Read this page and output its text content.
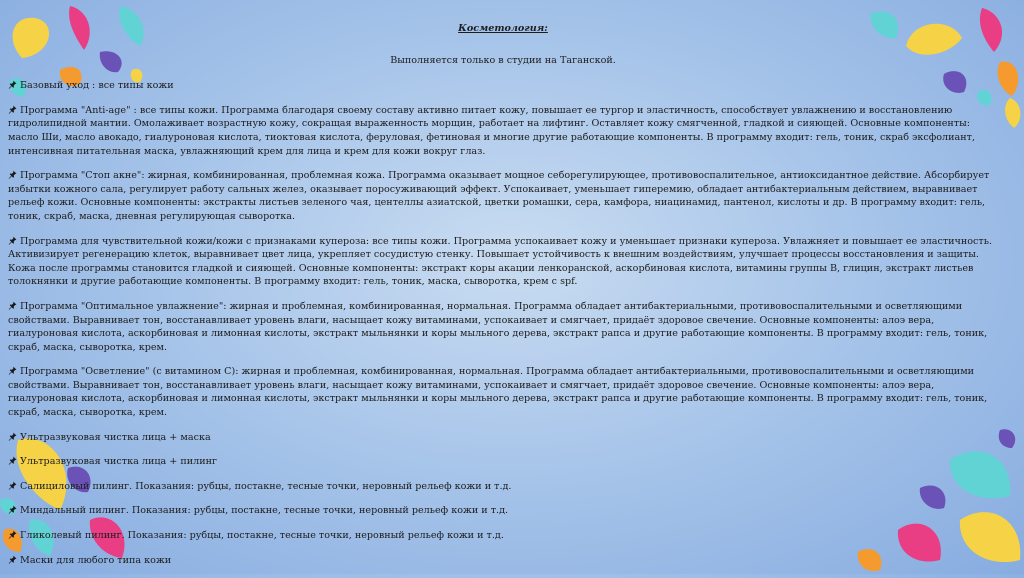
Косметология:
Выполняется только в студии на Таганской.
Базовый уход : все типы кожи
Программа "Anti-age" : все типы кожи. Программа благодаря своему составу активно питает кожу, повышает ее тургор и эластичность, способствует увлажнению и восстановлению гидролипидной мантии. Омолаживает возрастную кожу, сокращая выраженность морщин, работает на лифтинг. Оставляет кожу смягченной, гладкой и сияющей. Основные компоненты: масло Ши, масло авокадо, гиалуроновая кислота, тиоктовая кислота, феруловая, фетиновая и многие другие работающие компоненты. В программу входит: гель, тоник, скраб эксфолиант, интенсивная питательная маска, увлажняющий крем для лица и крем для кожи вокруг глаз.
Программа "Стоп акне": жирная, комбинированная, проблемная кожа. Программа оказывает мощное себорегулирующее, противовоспалительное, антиоксидантное действие. Абсорбирует избытки кожного сала, регулирует работу сальных желез, оказывает поросуживающий эффект. Успокаивает, уменьшает гиперемию, обладает антибактериальным действием, выравнивает рельеф кожи. Основные компоненты: экстракты листьев зеленого чая, центеллы азиатской, цветки ромашки, сера, камфора, ниацинамид, пантенол, кислоты и др. В программу входит: гель, тоник, скраб, маска, дневная регулирующая сыворотка.
Программа для чувствительной кожи/кожи с признаками купероза: все типы кожи. Программа успокаивает кожу и уменьшает признаки купероза. Увлажняет и повышает ее эластичность. Активизирует регенерацию клеток, выравнивает цвет лица, укрепляет сосудистую стенку. Повышает устойчивость к внешним воздействиям, улучшает процессы восстановления и защиты. Кожа после программы становится гладкой и сияющей. Основные компоненты: экстракт коры акации ленкоранской, аскорбиновая кислота, витамины группы В, глицин, экстракт листьев толокнянки и другие работающие компоненты. В программу входит: гель, тоник, маска, сыворотка, крем с spf.
Программа "Оптимальное увлажнение": жирная и проблемная, комбинированная, нормальная. Программа обладает антибактериальными, противовоспалительными и осветляющими свойствами. Выравнивает тон, восстанавливает уровень влаги, насыщает кожу витаминами, успокаивает и смягчает, придаёт здоровое свечение. Основные компоненты: алоэ вера, гиалуроновая кислота, аскорбиновая и лимонная кислоты, экстракт мыльнянки и коры мыльного дерева, экстракт рапса и другие работающие компоненты. В программу входит: гель, тоник, скраб, маска, сыворотка, крем.
Программа "Осветление" (с витамином С): жирная и проблемная, комбинированная, нормальная. Программа обладает антибактериальными, противовоспалительными и осветляющими свойствами. Выравнивает тон, восстанавливает уровень влаги, насыщает кожу витаминами, успокаивает и смягчает, придаёт здоровое свечение. Основные компоненты: алоэ вера, гиалуроновая кислота, аскорбиновая и лимонная кислоты, экстракт мыльнянки и коры мыльного дерева, экстракт рапса и другие работающие компоненты. В программу входит: гель, тоник, скраб, маска, сыворотка, крем.
Ультразвуковая чистка лица + маска
Ультразвуковая чистка лица + пилинг
Салициловый пилинг. Показания: рубцы, постакне, тесные точки, неровный рельеф кожи и т.д.
Миндальный пилинг. Показания: рубцы, постакне, тесные точки, неровный рельеф кожи и т.д.
Гликолевый пилинг. Показания: рубцы, постакне, тесные точки, неровный рельеф кожи и т.д.
Маски для любого типа кожи
